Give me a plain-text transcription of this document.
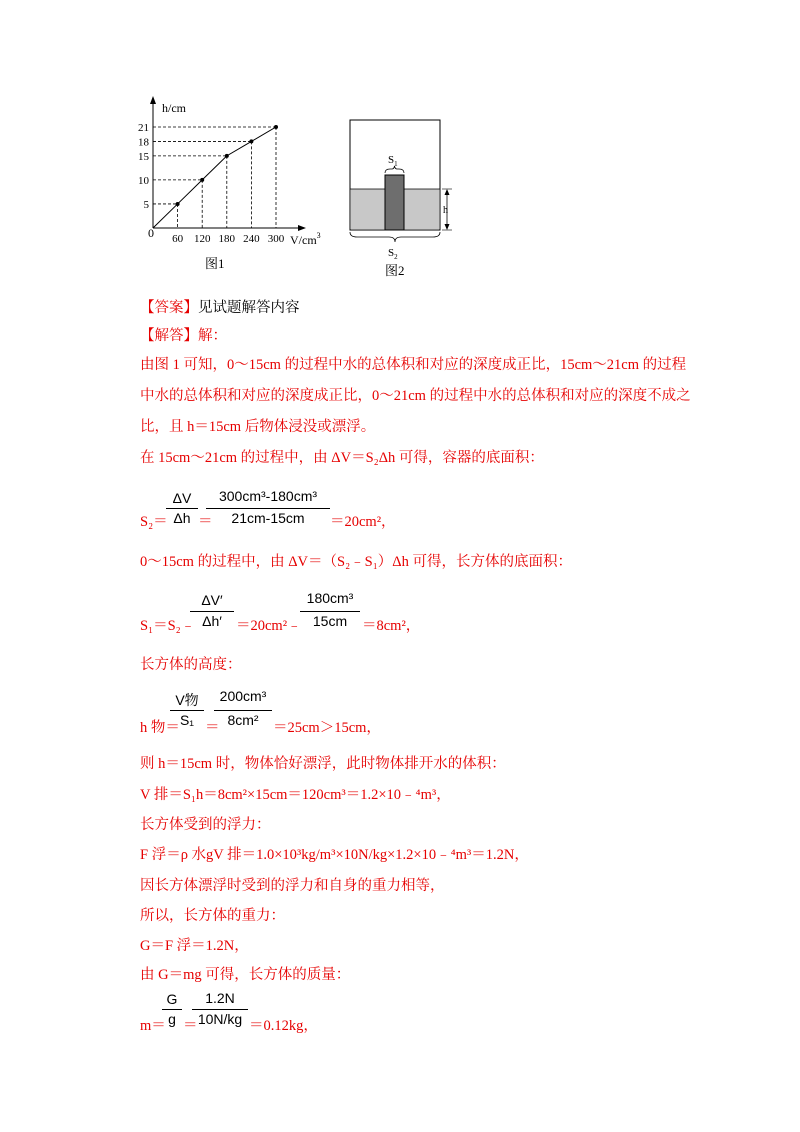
h/cm
$V/cm^3$
0 60 120 180 240 300
5
10
15
18
21
图1
$S_1$
h
$S_2$
图2
【答案】见试题解答内容
【解答】解：
由图 1 可知，0～15cm 的过程中水的总体积和对应的深度成正比，15cm～21cm 的过程
中水的总体积和对应的深度成正比，0～21cm 的过程中水的总体积和对应的深度不成之
比，且 h＝15cm 后物体浸没或漂浮。
在 15cm～21cm 的过程中，由 ΔV＝S₂Δh 可得，容器的底面积：
S₂＝
ΔV
Δh ＝
300cm³-180cm³
21cm-15cm	＝20cm²，
0～15cm 的过程中，由 ΔV＝（S₂﹣S₁）Δh 可得，长方体的底面积：
S₁＝S₂﹣
ΔV′
Δh′ ＝20cm²﹣
180cm³
15cm	＝8cm²，
长方体的高度：
h 物＝
V物
S₁ ＝
200cm³
8cm² ＝25cm＞15cm，
则 h＝15cm 时，物体恰好漂浮，此时物体排开水的体积：
V 排＝S₁h＝8cm²×15cm＝120cm³＝1.2×10﹣⁴m³，
长方体受到的浮力：
F 浮＝ρ 水gV 排＝1.0×10³kg/m³×10N/kg×1.2×10﹣⁴m³＝1.2N，
因长方体漂浮时受到的浮力和自身的重力相等，
所以，长方体的重力：
G＝F 浮＝1.2N，
由 G＝mg 可得，长方体的质量：
m＝
G
g ＝
1.2N
10N/kg ＝0.12kg，
